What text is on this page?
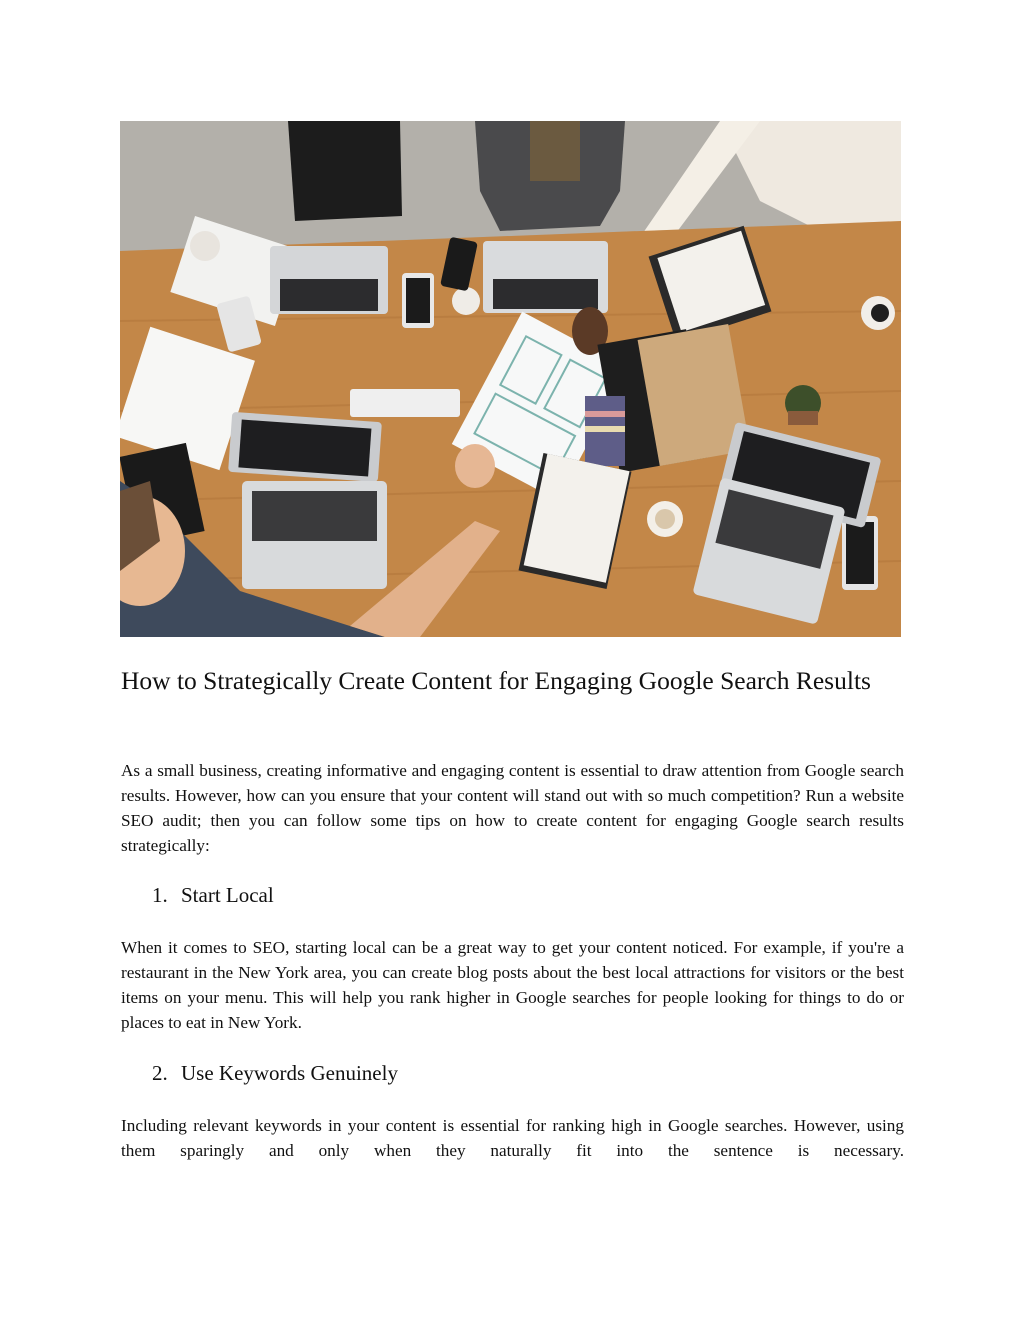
How to Strategically Create Content for Engaging Google Search Results

As a small business, creating informative and engaging content is essential to draw attention from Google search results. However, how can you ensure that your content will stand out with so much competition? Run a website SEO audit; then you can follow some tips on how to create content for engaging Google search results strategically:

1. Start Local

When it comes to SEO, starting local can be a great way to get your content noticed. For example, if you're a restaurant in the New York area, you can create blog posts about the best local attractions for visitors or the best items on your menu. This will help you rank higher in Google searches for people looking for things to do or places to eat in New York.

2. Use Keywords Genuinely

Including relevant keywords in your content is essential for ranking high in Google searches. However, using them sparingly and only when they naturally fit into the sentence is necessary.
